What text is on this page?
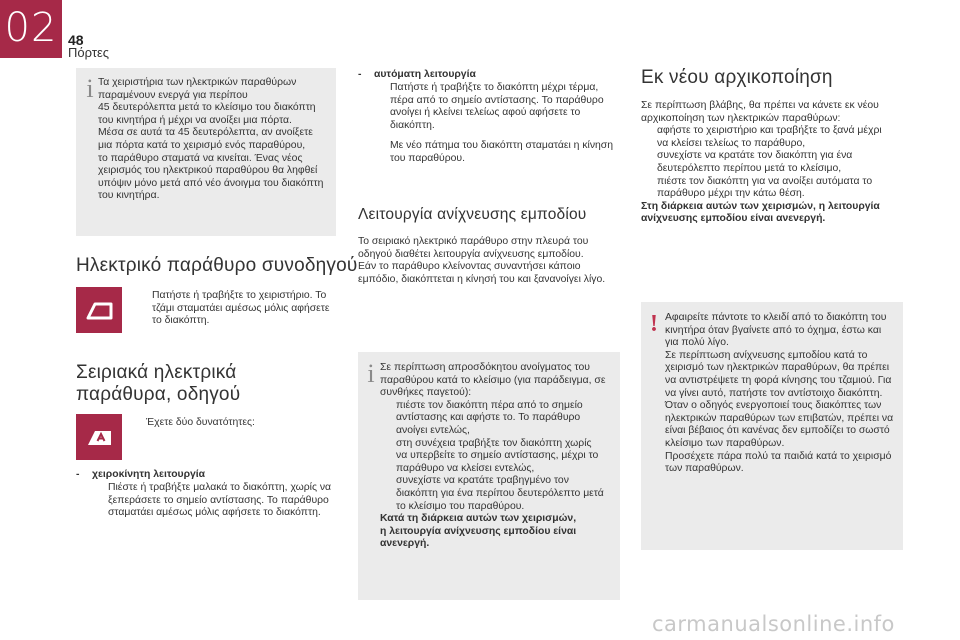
02 48
Πόρτες
i Τα χειριστήρια των ηλεκτρικών παραθύρων

παραμένουν ενεργά για περίπου

45 δευτερόλεπτα μετά το κλείσιμο του διακόπτη

του κινητήρα ή μέχρι να ανοίξει μια πόρτα.

Μέσα σε αυτά τα 45 δευτερόλεπτα, αν ανοίξετε

μια πόρτα κατά το χειρισμό ενός παραθύρου,

το παράθυρο σταματά να κινείται. Ένας νέος

χειρισμός του ηλεκτρικού παραθύρου θα ληφθεί

υπόψιν μόνο μετά από νέο άνοιγμα του διακόπτη

του κινητήρα.

Ηλεκτρικό παράθυρο συνοδηγού

Πατήστε ή τραβήξτε το χειριστήριο. Το

τζάμι σταματάει αμέσως μόλις αφήσετε

το διακόπτη.

Σειριακά ηλεκτρικά
παράθυρα, οδηγού
Έχετε δύο δυνατότητες:
- χειροκίνητη λειτουργία

Πιέστε ή τραβήξτε μαλακά το διακόπτη, χωρίς να

ξεπεράσετε το σημείο αντίστασης. Το παράθυρο

σταματάει αμέσως μόλις αφήσετε το διακόπτη.

- αυτόματη λειτουργία

Πατήστε ή τραβήξτε το διακόπτη μέχρι τέρμα,

πέρα από το σημείο αντίστασης. Το παράθυρο

ανοίγει ή κλείνει τελείως αφού αφήσετε το

διακόπτη.

Με νέο πάτημα του διακόπτη σταματάει η κίνηση

του παραθύρου.

Λειτουργία ανίχνευσης εμποδίου

Το σειριακό ηλεκτρικό παράθυρο στην πλευρά του

οδηγού διαθέτει λειτουργία ανίχνευσης εμποδίου.

Εάν το παράθυρο κλείνοντας συναντήσει κάποιο

εμπόδιο, διακόπτεται η κίνησή του και ξανανοίγει λίγο.

i Σε περίπτωση απροσδόκητου ανοίγματος του

παραθύρου κατά το κλείσιμο (για παράδειγμα, σε

συνθήκες παγετού):

πιέστε τον διακόπτη πέρα από το σημείο

αντίστασης και αφήστε το. Το παράθυρο

ανοίγει εντελώς,

στη συνέχεια τραβήξτε τον διακόπτη χωρίς

να υπερβείτε το σημείο αντίστασης, μέχρι το

παράθυρο να κλείσει εντελώς,

συνεχίστε να κρατάτε τραβηγμένο τον

διακόπτη για ένα περίπου δευτερόλεπτο μετά

το κλείσιμο του παραθύρου.

Κατά τη διάρκεια αυτών των χειρισμών,

η λειτουργία ανίχνευσης εμποδίου είναι

ανενεργή.

Εκ νέου αρχικοποίηση

Σε περίπτωση βλάβης, θα πρέπει να κάνετε εκ νέου

αρχικοποίηση των ηλεκτρικών παραθύρων:

αφήστε το χειριστήριο και τραβήξτε το ξανά μέχρι

να κλείσει τελείως το παράθυρο,

συνεχίστε να κρατάτε τον διακόπτη για ένα

δευτερόλεπτο περίπου μετά το κλείσιμο,

πιέστε τον διακόπτη για να ανοίξει αυτόματα το

παράθυρο μέχρι την κάτω θέση.

Στη διάρκεια αυτών των χειρισμών, η λειτουργία

ανίχνευσης εμποδίου είναι ανενεργή.

! Αφαιρείτε πάντοτε το κλειδί από το διακόπτη του

κινητήρα όταν βγαίνετε από το όχημα, έστω και

για πολύ λίγο.

Σε περίπτωση ανίχνευσης εμποδίου κατά το

χειρισμό των ηλεκτρικών παραθύρων, θα πρέπει

να αντιστρέψετε τη φορά κίνησης του τζαμιού. Για

να γίνει αυτό, πατήστε τον αντίστοιχο διακόπτη.

Όταν ο οδηγός ενεργοποιεί τους διακόπτες των

ηλεκτρικών παραθύρων των επιβατών, πρέπει να

είναι βέβαιος ότι κανένας δεν εμποδίζει το σωστό

κλείσιμο των παραθύρων.

Προσέχετε πάρα πολύ τα παιδιά κατά το χειρισμό

των παραθύρων.

carmanualsonline.info
